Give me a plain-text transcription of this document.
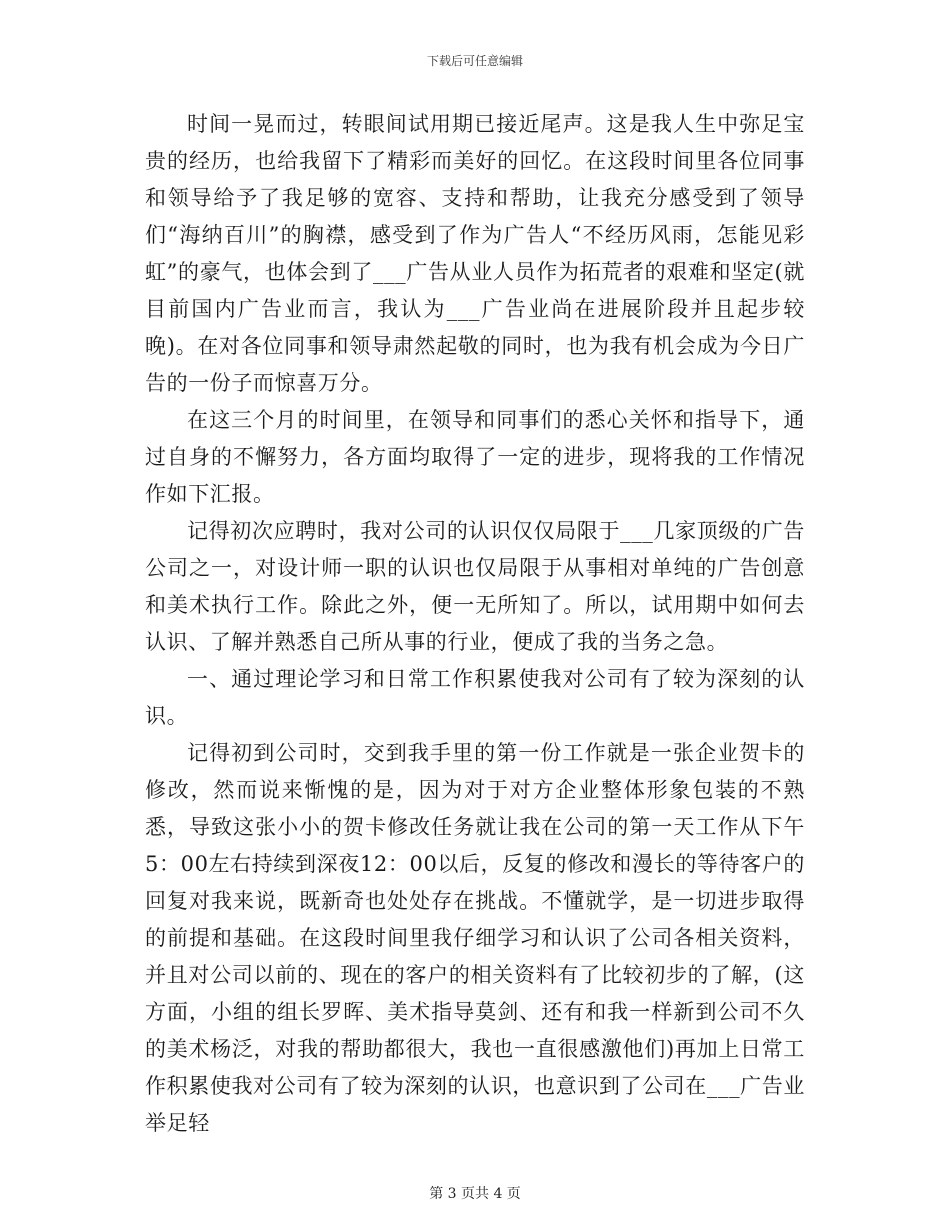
下载后可任意编辑

时间一晃而过，转眼间试用期已接近尾声。这是我人生中弥足宝贵的经历，也给我留下了精彩而美好的回忆。在这段时间里各位同事和领导给予了我足够的宽容、支持和帮助，让我充分感受到了领导们“海纳百川”的胸襟，感受到了作为广告人“不经历风雨，怎能见彩虹”的豪气，也体会到了___广告从业人员作为拓荒者的艰难和坚定(就目前国内广告业而言，我认为___广告业尚在进展阶段并且起步较晚)。在对各位同事和领导肃然起敬的同时，也为我有机会成为今日广告的一份子而惊喜万分。

在这三个月的时间里，在领导和同事们的悉心关怀和指导下，通过自身的不懈努力，各方面均取得了一定的进步，现将我的工作情况作如下汇报。

记得初次应聘时，我对公司的认识仅仅局限于___几家顶级的广告公司之一，对设计师一职的认识也仅局限于从事相对单纯的广告创意和美术执行工作。除此之外，便一无所知了。所以，试用期中如何去认识、了解并熟悉自己所从事的行业，便成了我的当务之急。

一、通过理论学习和日常工作积累使我对公司有了较为深刻的认识。

记得初到公司时，交到我手里的第一份工作就是一张企业贺卡的修改，然而说来惭愧的是，因为对于对方企业整体形象包装的不熟悉，导致这张小小的贺卡修改任务就让我在公司的第一天工作从下午5：00左右持续到深夜12：00以后，反复的修改和漫长的等待客户的回复对我来说，既新奇也处处存在挑战。不懂就学，是一切进步取得的前提和基础。在这段时间里我仔细学习和认识了公司各相关资料，并且对公司以前的、现在的客户的相关资料有了比较初步的了解，(这方面，小组的组长罗晖、美术指导莫剑、还有和我一样新到公司不久的美术杨泛，对我的帮助都很大，我也一直很感激他们)再加上日常工作积累使我对公司有了较为深刻的认识，也意识到了公司在___广告业举足轻

第 3 页共 4 页
